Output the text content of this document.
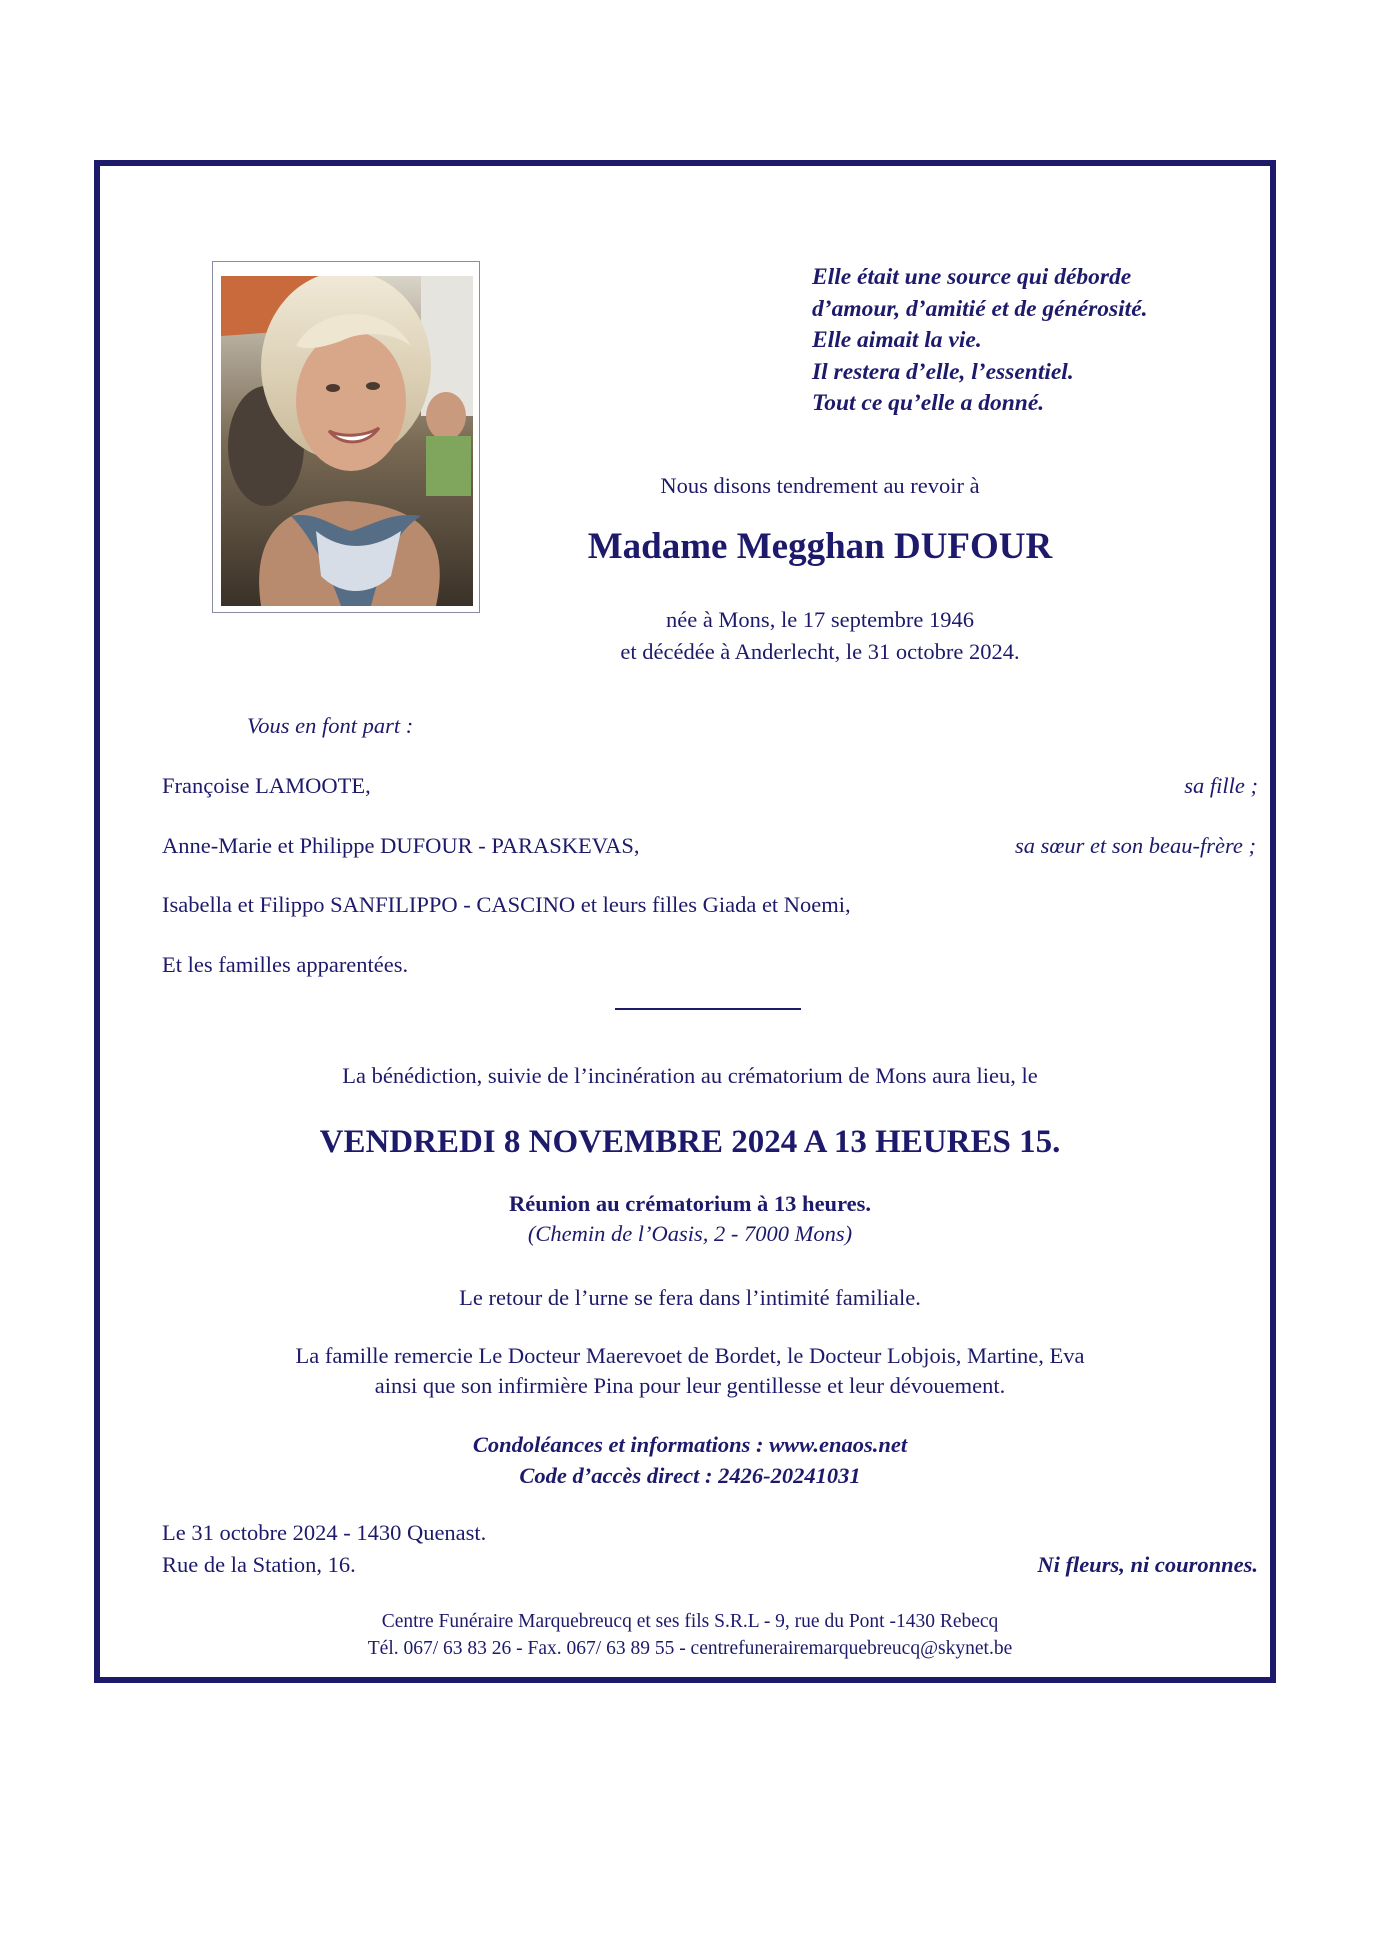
Elle était une source qui déborde
d’amour, d’amitié et de générosité.
Elle aimait la vie.
Il restera d’elle, l’essentiel.
Tout ce qu’elle a donné.
Nous disons tendrement au revoir à
Madame Megghan DUFOUR
née à Mons, le 17 septembre 1946
et décédée à Anderlecht, le 31 octobre 2024.
Vous en font part :
Françoise LAMOOTE,	sa fille ;
Anne-Marie et Philippe DUFOUR - PARASKEVAS,	sa sœur et son beau-frère ;
Isabella et Filippo SANFILIPPO - CASCINO et leurs filles Giada et Noemi,
Et les familles apparentées.
La bénédiction, suivie de l’incinération au crématorium de Mons aura lieu, le
VENDREDI 8 NOVEMBRE 2024 A 13 HEURES 15.
Réunion au crématorium à 13 heures.
(Chemin de l’Oasis, 2 - 7000 Mons)
Le retour de l’urne se fera dans l’intimité familiale.
La famille remercie Le Docteur Maerevoet de Bordet, le Docteur Lobjois, Martine, Eva
ainsi que son infirmière Pina pour leur gentillesse et leur dévouement.
Condoléances et informations : www.enaos.net
Code d’accès direct : 2426-20241031
Le 31 octobre 2024 - 1430 Quenast.
Rue de la Station, 16.	Ni fleurs, ni couronnes.
Centre Funéraire Marquebreucq et ses fils S.R.L - 9, rue du Pont -1430 Rebecq
Tél. 067/ 63 83 26 - Fax. 067/ 63 89 55 - centrefunerairemarquebreucq@skynet.be
